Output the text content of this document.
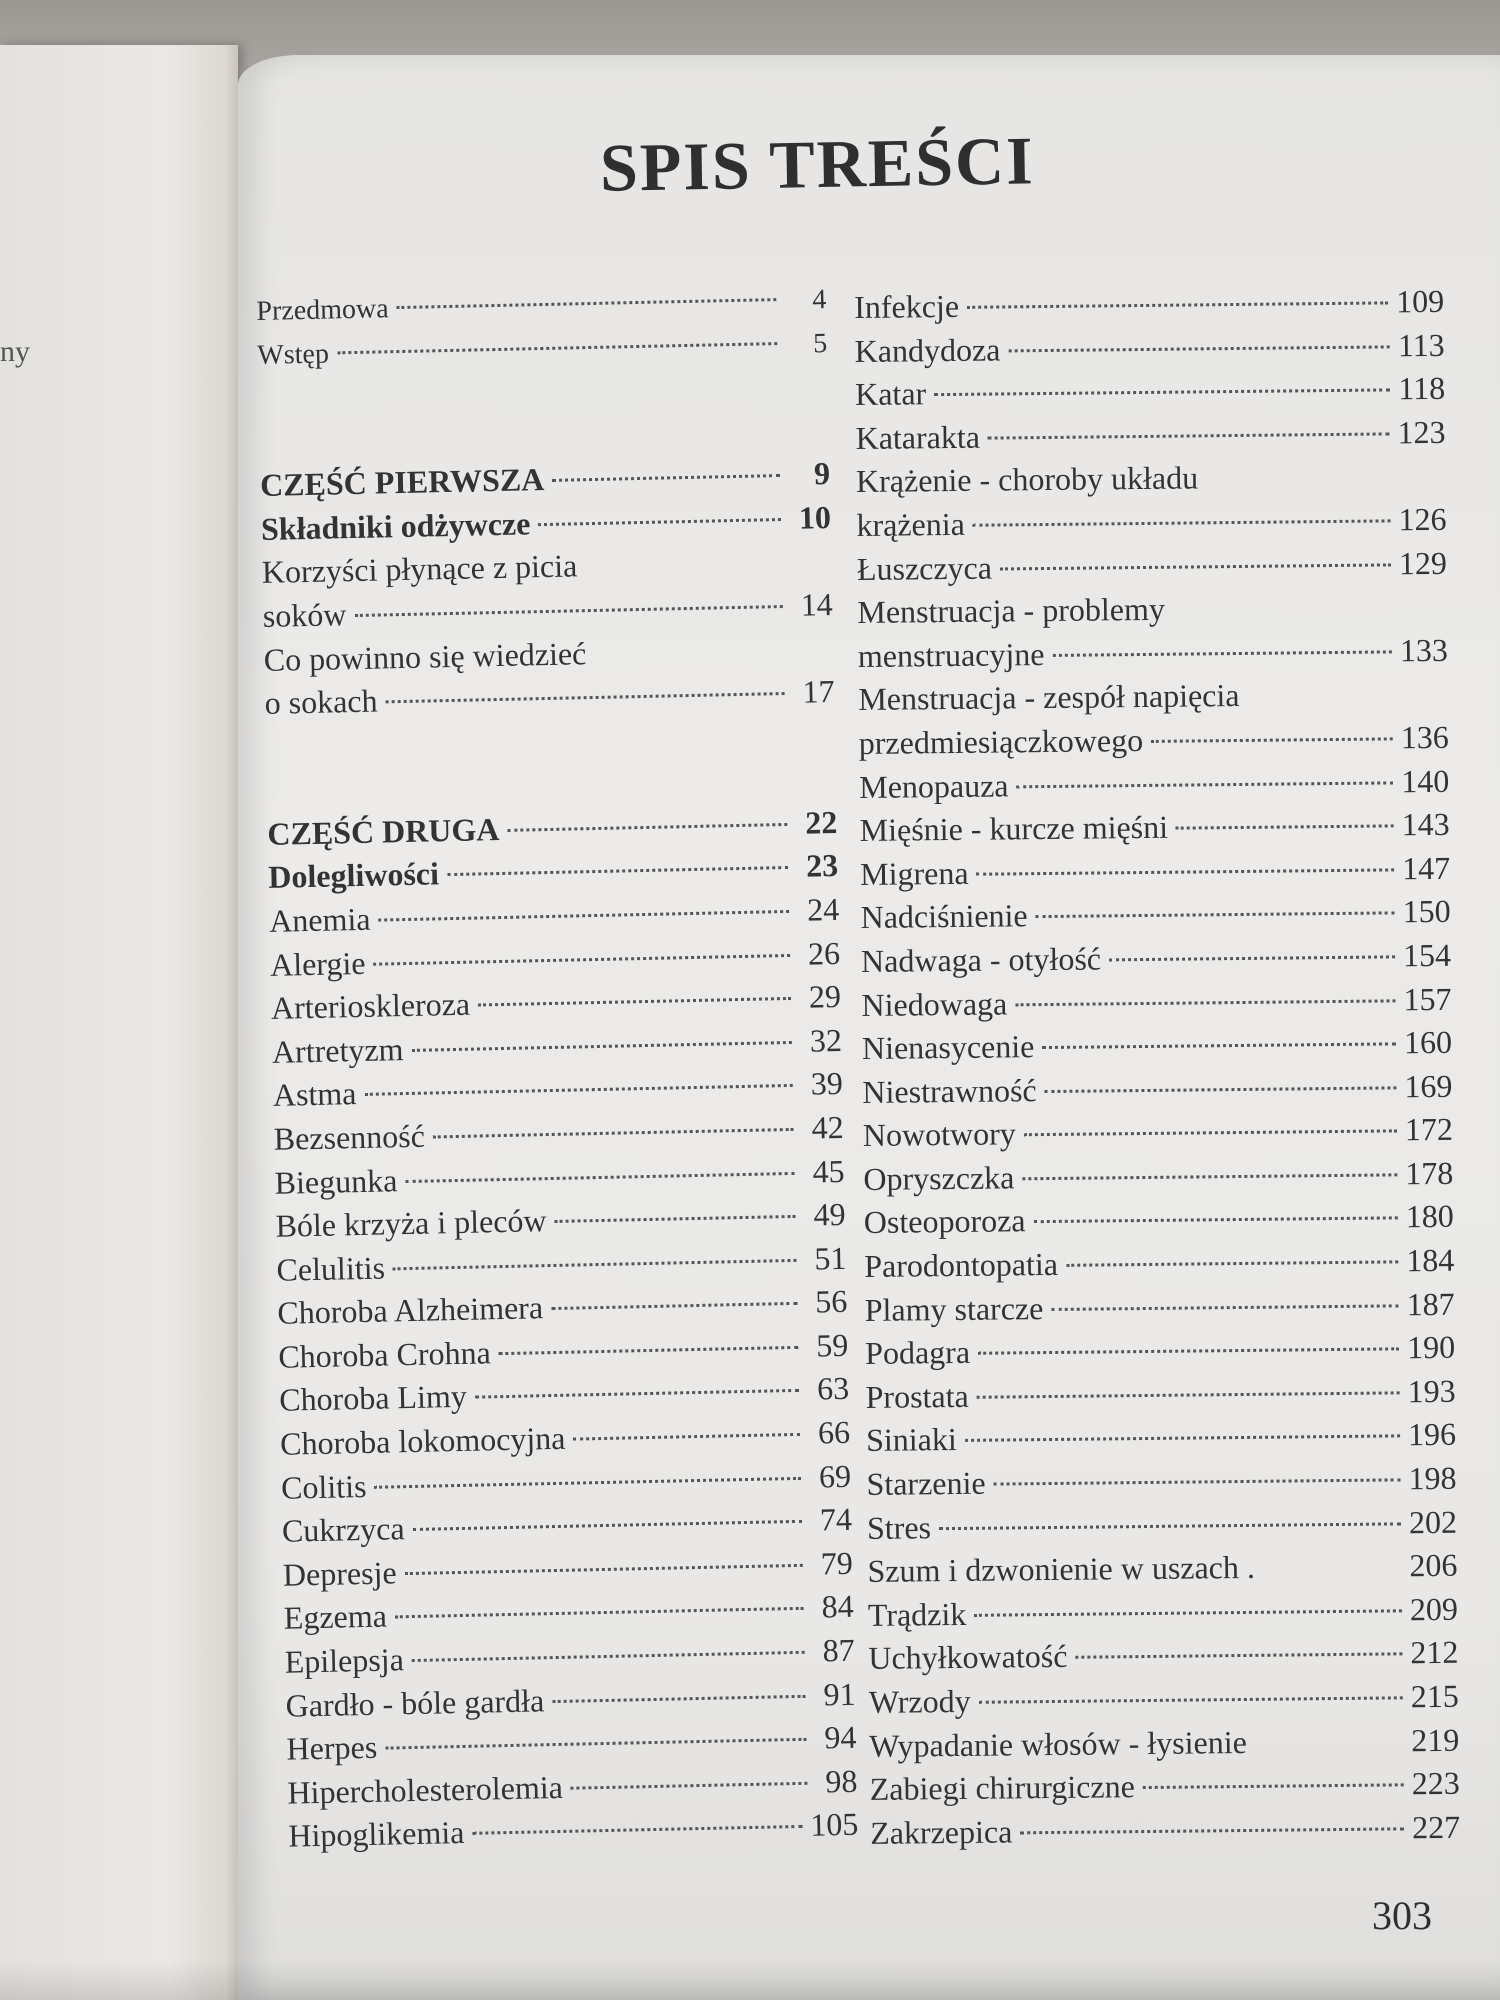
ny
SPIS TREŚCI
Przedmowa	4
Wstęp	5
CZĘŚĆ PIERWSZA	9
Składniki odżywcze	10
Korzyści płynące z picia
soków	14
Co powinno się wiedzieć
o sokach	17
CZĘŚĆ DRUGA	22
Dolegliwości	23
Anemia	24
Alergie	26
Arterioskleroza	29
Artretyzm	32
Astma	39
Bezsenność	42
Biegunka	45
Bóle krzyża i pleców	49
Celulitis	51
Choroba Alzheimera	56
Choroba Crohna	59
Choroba Limy	63
Choroba lokomocyjna	66
Colitis	69
Cukrzyca	74
Depresje	79
Egzema	84
Epilepsja	87
Gardło - bóle gardła	91
Herpes	94
Hipercholesterolemia	98
Hipoglikemia	105
Infekcje	109
Kandydoza	113
Katar	118
Katarakta	123
Krążenie - choroby układu
krążenia	126
Łuszczyca	129
Menstruacja - problemy
menstruacyjne	133
Menstruacja - zespół napięcia
przedmiesiączkowego	136
Menopauza	140
Mięśnie - kurcze mięśni	143
Migrena	147
Nadciśnienie	150
Nadwaga - otyłość	154
Niedowaga	157
Nienasycenie	160
Niestrawność	169
Nowotwory	172
Opryszczka	178
Osteoporoza	180
Parodontopatia	184
Plamy starcze	187
Podagra	190
Prostata	193
Siniaki	196
Starzenie	198
Stres	202
Szum i dzwonienie w uszach .	206
Trądzik	209
Uchyłkowatość	212
Wrzody	215
Wypadanie włosów - łysienie	219
Zabiegi chirurgiczne	223
Zakrzepica	227
303
